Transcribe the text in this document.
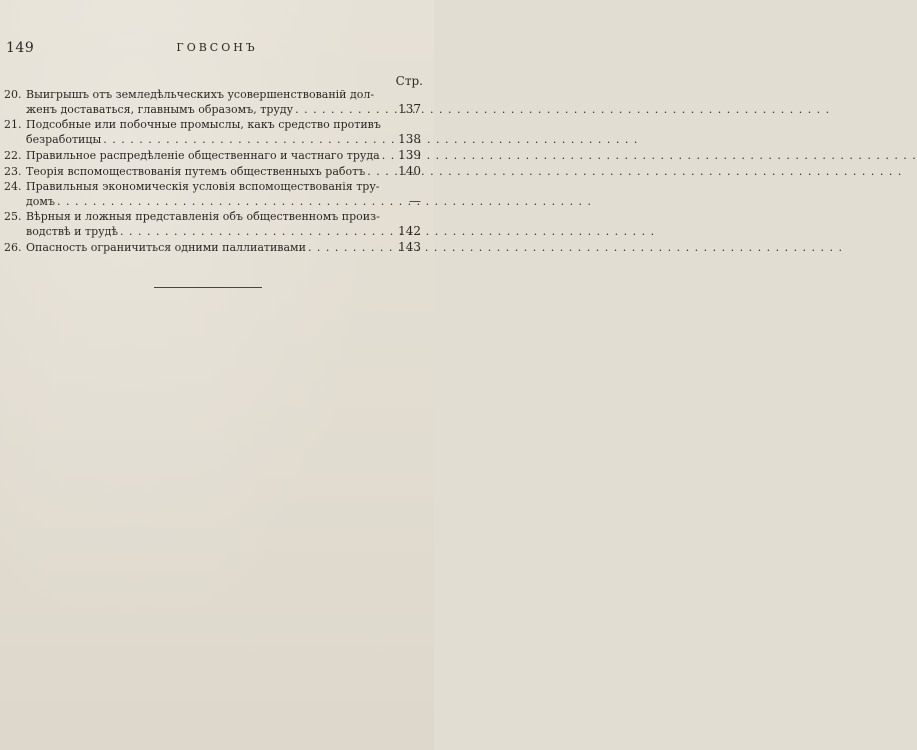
149	ГОВСОНЪ
Стр.
20. Выигрышъ отъ земледѣльческихъ усовершенствованій дол-
женъ доставаться, главнымъ образомъ, труду . . .	137
21. Подсобные или побочные промыслы, какъ средство противъ
безработицы . . .	138
22. Правильное распредѣленіе общественнаго и частнаго труда . . . 139
23. Теорія вспомоществованія путемъ общественныхъ работъ . . .	140
24. Правильныя экономическія условія вспомоществованія тру-
домъ . . .	—
25. Вѣрныя и ложныя представленія объ общественномъ произ-
водствѣ и трудѣ . . .	142
26. Опасность ограничиться одними паллиативами . . .	143
